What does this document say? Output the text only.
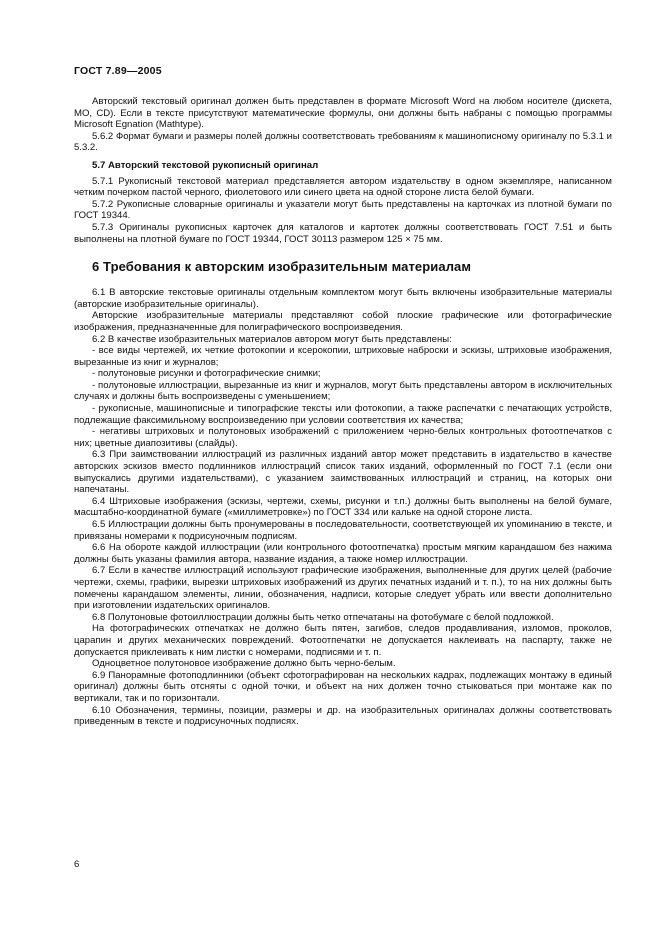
ГОСТ 7.89—2005

Авторский текстовый оригинал должен быть представлен в формате Microsoft Word на любом носителе (дискета, МО, CD). Если в тексте присутствуют математические формулы, они должны быть набраны с помощью программы Microsoft Egnation (Mathtype).

5.6.2 Формат бумаги и размеры полей должны соответствовать требованиям к машинописному оригиналу по 5.3.1 и 5.3.2.

5.7 Авторский текстовой рукописный оригинал

5.7.1 Рукописный текстовой материал представляется автором издательству в одном экземпляре, написанном четким почерком пастой черного, фиолетового или синего цвета на одной стороне листа белой бумаги.

5.7.2 Рукописные словарные оригиналы и указатели могут быть представлены на карточках из плотной бумаги по ГОСТ 19344.

5.7.3 Оригиналы рукописных карточек для каталогов и картотек должны соответствовать ГОСТ 7.51 и быть выполнены на плотной бумаге по ГОСТ 19344, ГОСТ 30113 размером 125 × 75 мм.

6 Требования к авторским изобразительным материалам

6.1 В авторские текстовые оригиналы отдельным комплектом могут быть включены изобразительные материалы (авторские изобразительные оригиналы).

Авторские изобразительные материалы представляют собой плоские графические или фотографические изображения, предназначенные для полиграфического воспроизведения.

6.2 В качестве изобразительных материалов автором могут быть представлены:

- все виды чертежей, их четкие фотокопии и ксерокопии, штриховые наброски и эскизы, штриховые изображения, вырезанные из книг и журналов;

- полутоновые рисунки и фотографические снимки;

- полутоновые иллюстрации, вырезанные из книг и журналов, могут быть представлены автором в исключительных случаях и должны быть воспроизведены с уменьшением;

- рукописные, машинописные и типографские тексты или фотокопии, а также распечатки с печатающих устройств, подлежащие факсимильному воспроизведению при условии соответствия их качества;

- негативы штриховых и полутоновых изображений с приложением черно-белых контрольных фотоотпечатков с них; цветные диапозитивы (слайды).

6.3 При заимствовании иллюстраций из различных изданий автор может представить в издательство в качестве авторских эскизов вместо подлинников иллюстраций список таких изданий, оформленный по ГОСТ 7.1 (если они выпускались другими издательствами), с указанием заимствованных иллюстраций и страниц, на которых они напечатаны.

6.4 Штриховые изображения (эскизы, чертежи, схемы, рисунки и т.п.) должны быть выполнены на белой бумаге, масштабно-координатной бумаге («миллиметровке») по ГОСТ 334 или кальке на одной стороне листа.

6.5 Иллюстрации должны быть пронумерованы в последовательности, соответствующей их упоминанию в тексте, и привязаны номерами к подрисуночным подписям.

6.6 На обороте каждой иллюстрации (или контрольного фотоотпечатка) простым мягким карандашом без нажима должны быть указаны фамилия автора, название издания, а также номер иллюстрации.

6.7 Если в качестве иллюстраций используют графические изображения, выполненные для других целей (рабочие чертежи, схемы, графики, вырезки штриховых изображений из других печатных изданий и т. п.), то на них должны быть помечены карандашом элементы, линии, обозначения, надписи, которые следует убрать или ввести дополнительно при изготовлении издательских оригиналов.

6.8 Полутоновые фотоиллюстрации должны быть четко отпечатаны на фотобумаге с белой подложкой.

На фотографических отпечатках не должно быть пятен, загибов, следов продавливания, изломов, проколов, царапин и других механических повреждений. Фотоотпечатки не допускается наклеивать на паспарту, также не допускается приклеивать к ним листки с номерами, подписями и т. п.

Одноцветное полутоновое изображение должно быть черно-белым.

6.9 Панорамные фотоподлинники (объект сфотографирован на нескольких кадрах, подлежащих монтажу в единый оригинал) должны быть отсняты с одной точки, и объект на них должен точно стыковаться при монтаже как по вертикали, так и по горизонтали.

6.10 Обозначения, термины, позиции, размеры и др. на изобразительных оригиналах должны соответствовать приведенным в тексте и подрисуночных подписях.

6
